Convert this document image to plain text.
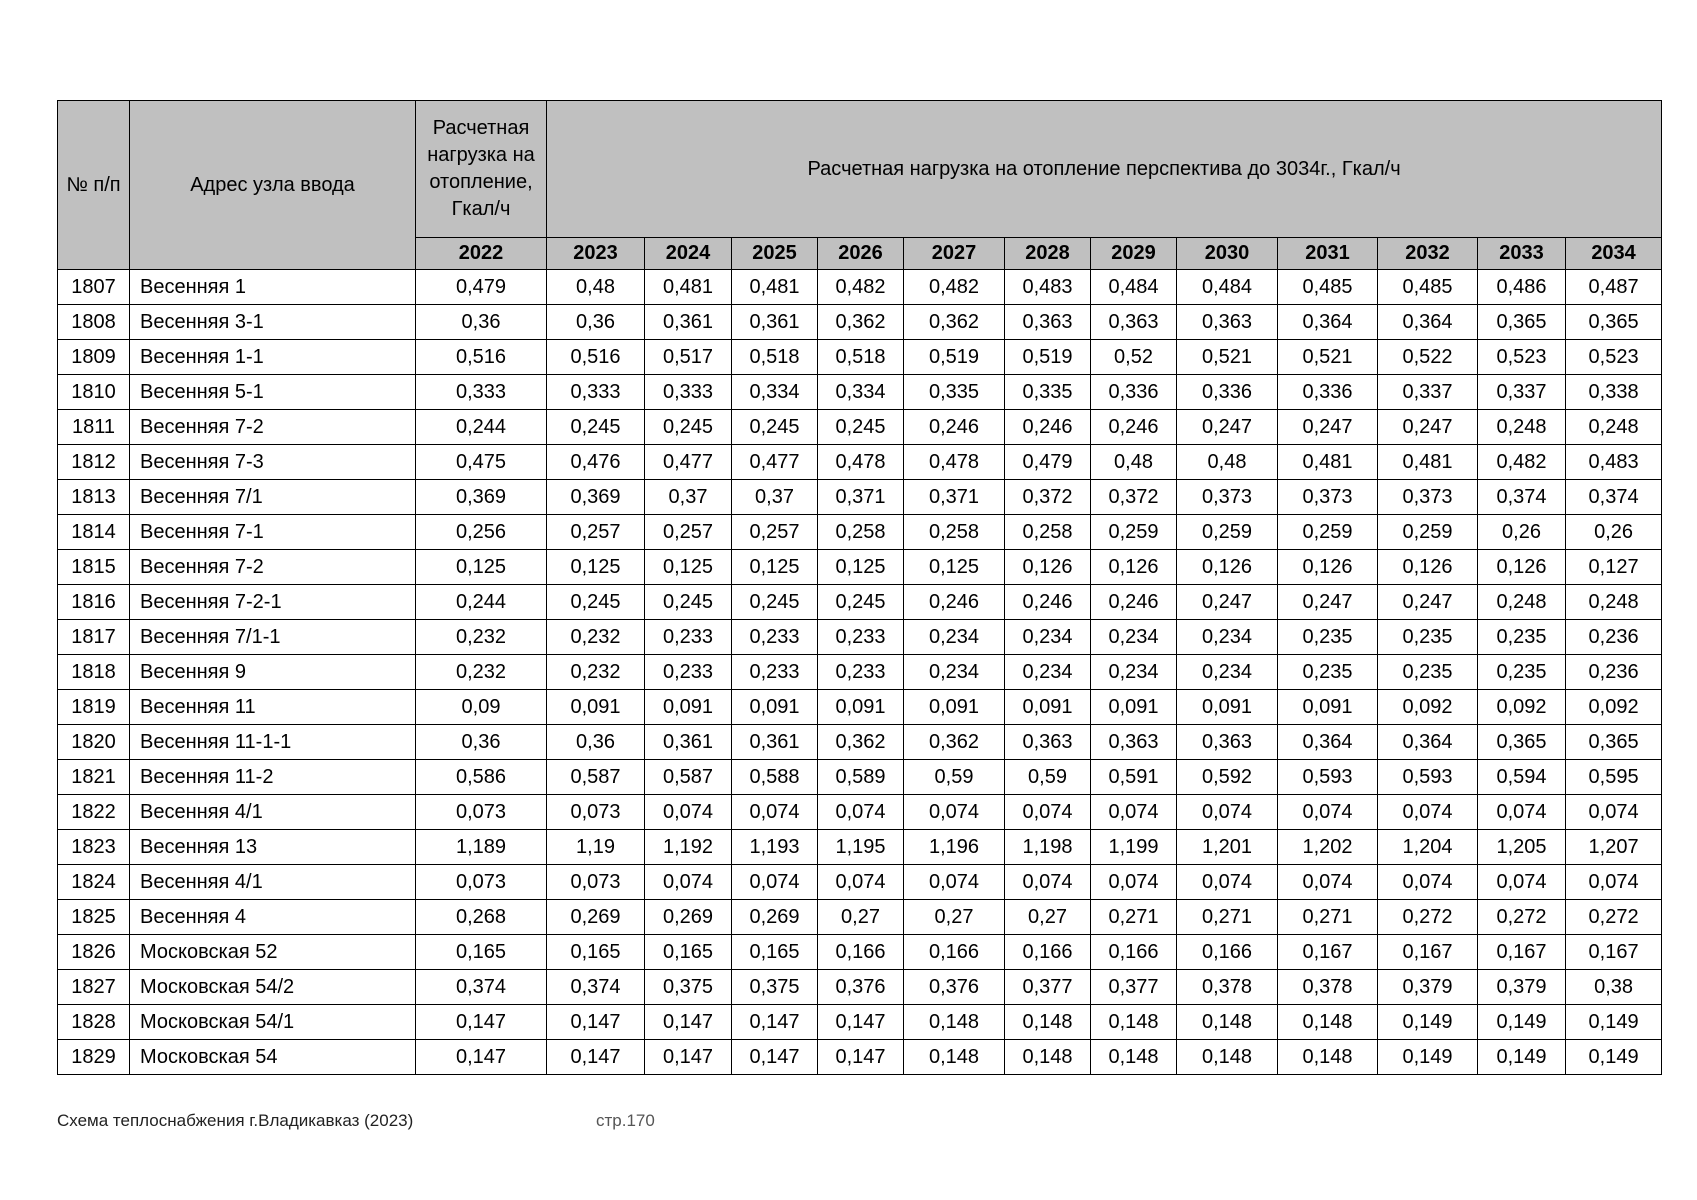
№ п/п	Адрес узла ввода	Расчетная нагрузка на отопление, Гкал/ч	Расчетная нагрузка на отопление перспектива до 3034г., Гкал/ч											
		2022	2023	2024	2025	2026	2027	2028	2029	2030	2031	2032	2033	2034
1807	Весенняя 1	0,479	0,48	0,481	0,481	0,482	0,482	0,483	0,484	0,484	0,485	0,485	0,486	0,487
1808	Весенняя 3-1	0,36	0,36	0,361	0,361	0,362	0,362	0,363	0,363	0,363	0,364	0,364	0,365	0,365
1809	Весенняя 1-1	0,516	0,516	0,517	0,518	0,518	0,519	0,519	0,52	0,521	0,521	0,522	0,523	0,523
1810	Весенняя 5-1	0,333	0,333	0,333	0,334	0,334	0,335	0,335	0,336	0,336	0,336	0,337	0,337	0,338
1811	Весенняя 7-2	0,244	0,245	0,245	0,245	0,245	0,246	0,246	0,246	0,247	0,247	0,247	0,248	0,248
1812	Весенняя 7-3	0,475	0,476	0,477	0,477	0,478	0,478	0,479	0,48	0,48	0,481	0,481	0,482	0,483
1813	Весенняя 7/1	0,369	0,369	0,37	0,37	0,371	0,371	0,372	0,372	0,373	0,373	0,373	0,374	0,374
1814	Весенняя 7-1	0,256	0,257	0,257	0,257	0,258	0,258	0,258	0,259	0,259	0,259	0,259	0,26	0,26
1815	Весенняя 7-2	0,125	0,125	0,125	0,125	0,125	0,125	0,126	0,126	0,126	0,126	0,126	0,126	0,127
1816	Весенняя 7-2-1	0,244	0,245	0,245	0,245	0,245	0,246	0,246	0,246	0,247	0,247	0,247	0,248	0,248
1817	Весенняя 7/1-1	0,232	0,232	0,233	0,233	0,233	0,234	0,234	0,234	0,234	0,235	0,235	0,235	0,236
1818	Весенняя 9	0,232	0,232	0,233	0,233	0,233	0,234	0,234	0,234	0,234	0,235	0,235	0,235	0,236
1819	Весенняя 11	0,09	0,091	0,091	0,091	0,091	0,091	0,091	0,091	0,091	0,091	0,092	0,092	0,092
1820	Весенняя 11-1-1	0,36	0,36	0,361	0,361	0,362	0,362	0,363	0,363	0,363	0,364	0,364	0,365	0,365
1821	Весенняя 11-2	0,586	0,587	0,587	0,588	0,589	0,59	0,59	0,591	0,592	0,593	0,593	0,594	0,595
1822	Весенняя 4/1	0,073	0,073	0,074	0,074	0,074	0,074	0,074	0,074	0,074	0,074	0,074	0,074	0,074
1823	Весенняя 13	1,189	1,19	1,192	1,193	1,195	1,196	1,198	1,199	1,201	1,202	1,204	1,205	1,207
1824	Весенняя 4/1	0,073	0,073	0,074	0,074	0,074	0,074	0,074	0,074	0,074	0,074	0,074	0,074	0,074
1825	Весенняя 4	0,268	0,269	0,269	0,269	0,27	0,27	0,27	0,271	0,271	0,271	0,272	0,272	0,272
1826	Московская 52	0,165	0,165	0,165	0,165	0,166	0,166	0,166	0,166	0,166	0,167	0,167	0,167	0,167
1827	Московская 54/2	0,374	0,374	0,375	0,375	0,376	0,376	0,377	0,377	0,378	0,378	0,379	0,379	0,38
1828	Московская 54/1	0,147	0,147	0,147	0,147	0,147	0,148	0,148	0,148	0,148	0,148	0,149	0,149	0,149
1829	Московская 54	0,147	0,147	0,147	0,147	0,147	0,148	0,148	0,148	0,148	0,148	0,149	0,149	0,149
Схема теплоснабжения г.Владикавказ (2023)	стр.170
